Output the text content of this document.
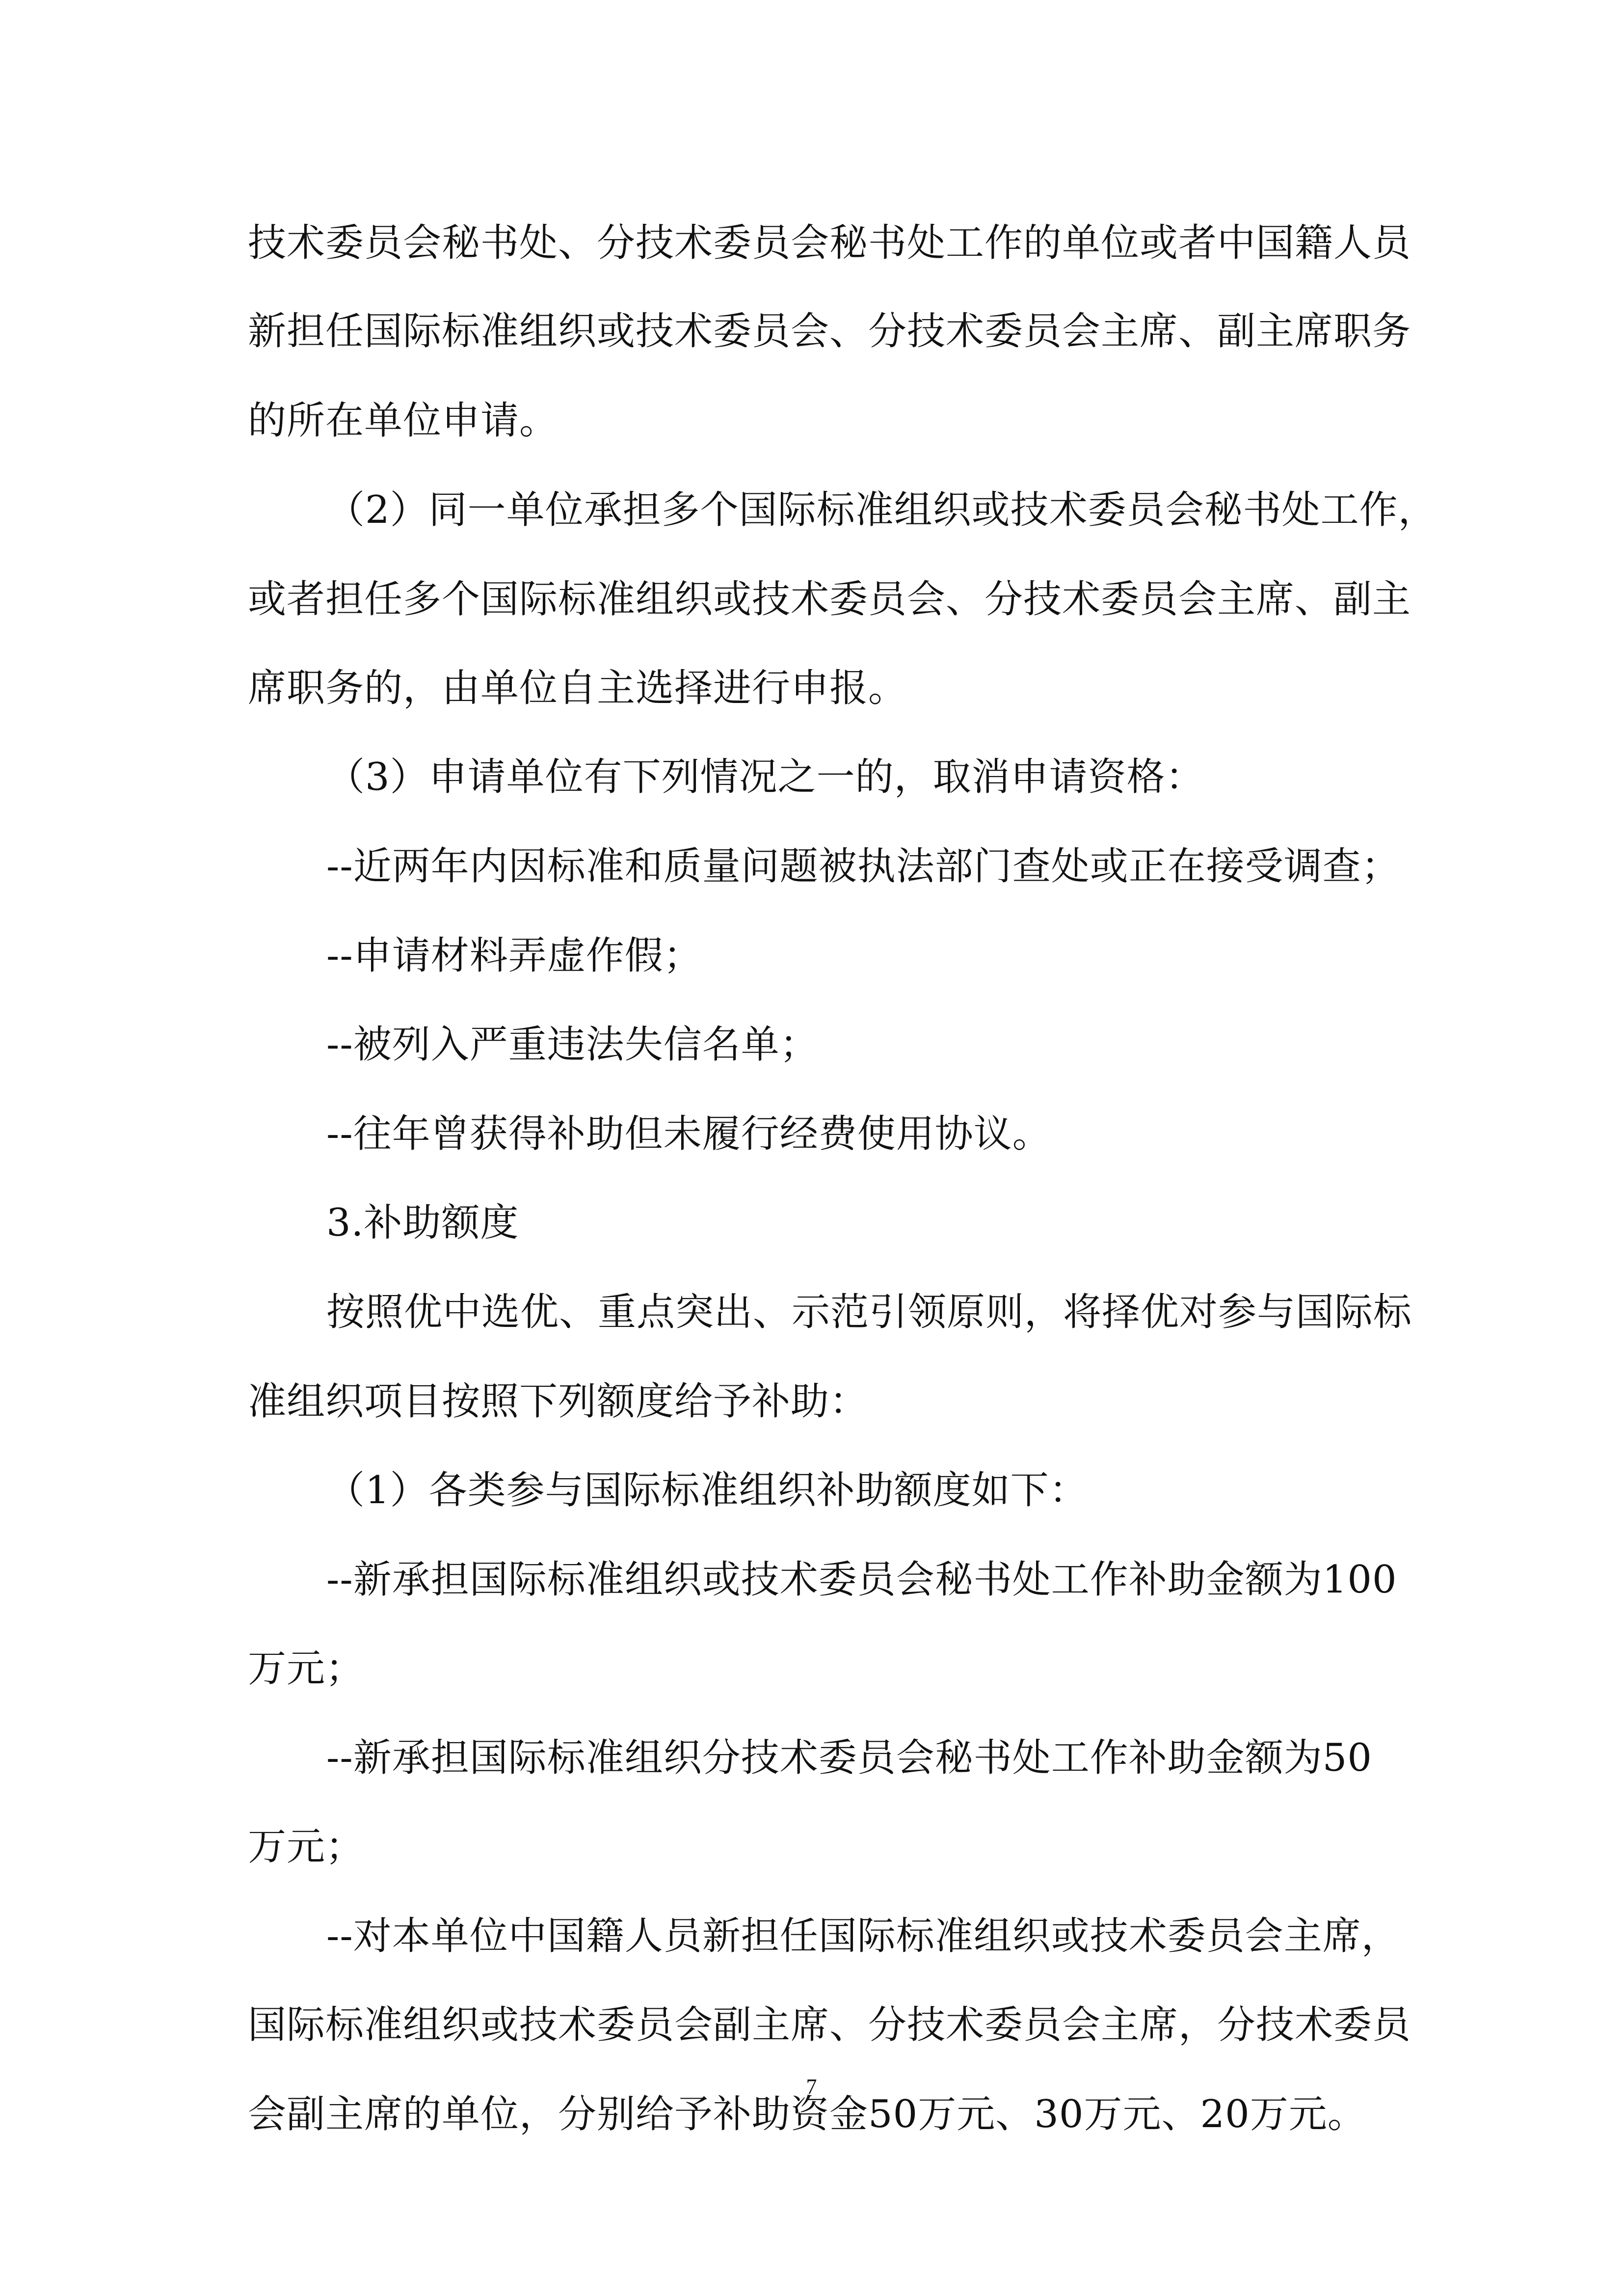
技术委员会秘书处、分技术委员会秘书处工作的单位或者中国籍人员
新担任国际标准组织或技术委员会、分技术委员会主席、副主席职务
的所在单位申请。
（2）同一单位承担多个国际标准组织或技术委员会秘书处工作，
或者担任多个国际标准组织或技术委员会、分技术委员会主席、副主
席职务的，由单位自主选择进行申报。
（3）申请单位有下列情况之一的，取消申请资格：
--近两年内因标准和质量问题被执法部门查处或正在接受调查；
--申请材料弄虚作假；
--被列入严重违法失信名单；
--往年曾获得补助但未履行经费使用协议。
3.补助额度
按照优中选优、重点突出、示范引领原则，将择优对参与国际标
准组织项目按照下列额度给予补助：
（1）各类参与国际标准组织补助额度如下：
--新承担国际标准组织或技术委员会秘书处工作补助金额为100
万元；
--新承担国际标准组织分技术委员会秘书处工作补助金额为50
万元；
--对本单位中国籍人员新担任国际标准组织或技术委员会主席，
国际标准组织或技术委员会副主席、分技术委员会主席，分技术委员
会副主席的单位，分别给予补助资金50万元、30万元、20万元。
7
